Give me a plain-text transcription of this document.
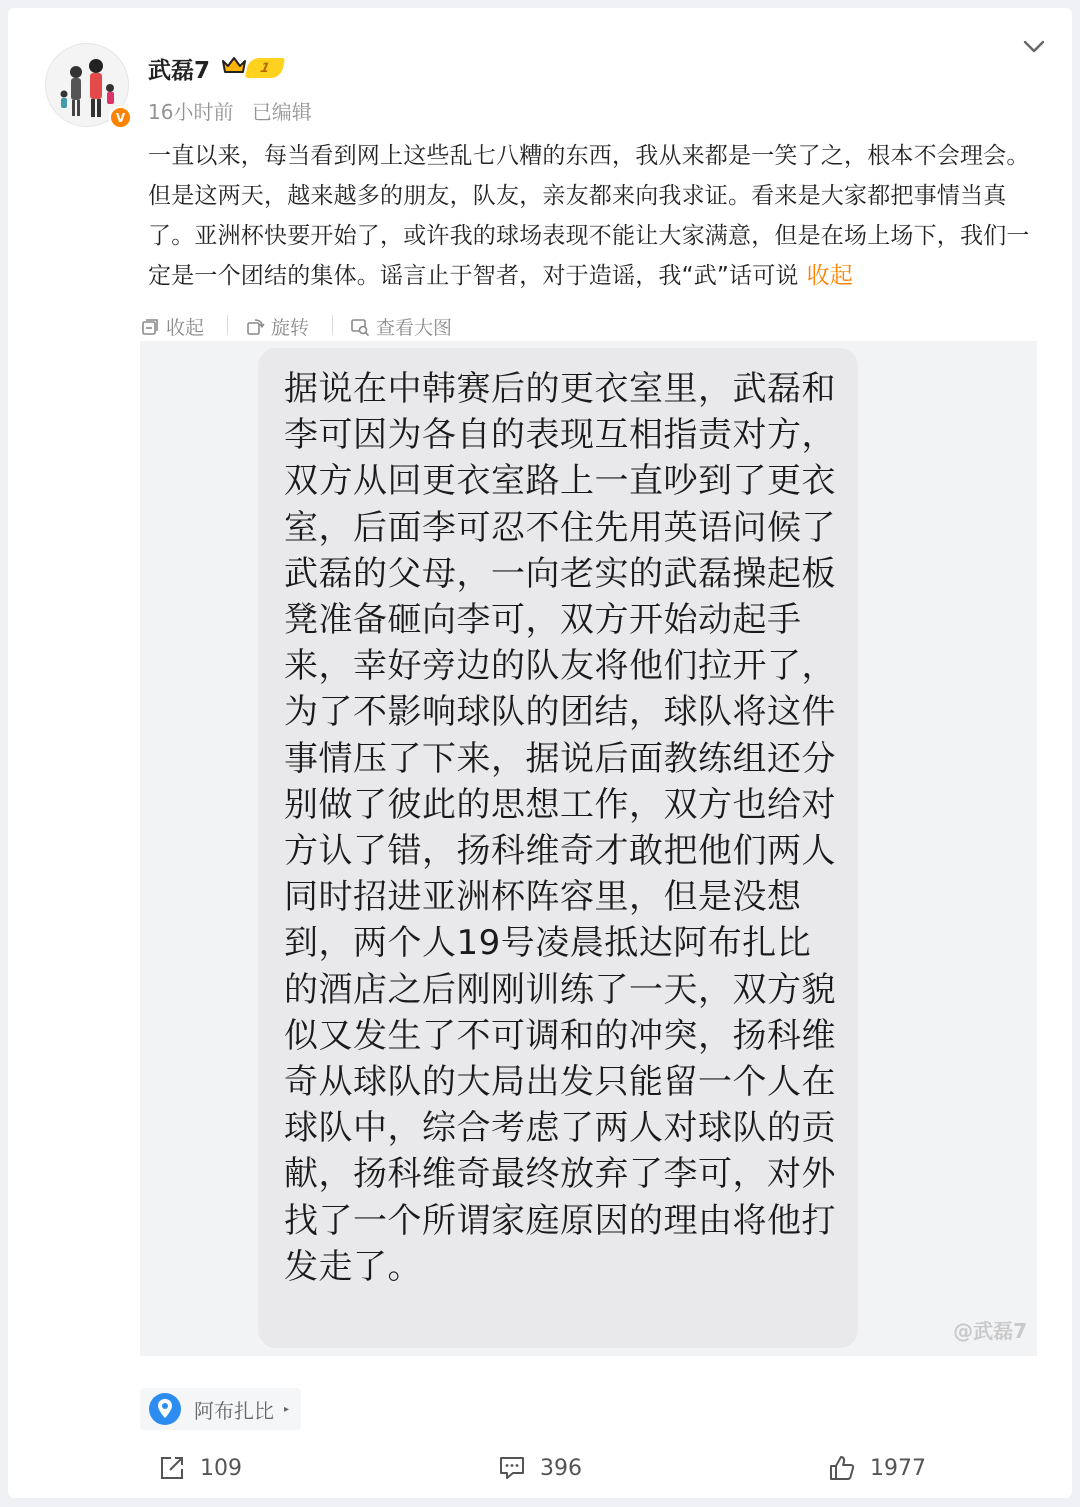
V
武磊7	1
16小时前 已编辑
一直以来，每当看到网上这些乱七八糟的东西，我从来都是一笑了之，根本不会理会。但是这两天，越来越多的朋友，队友，亲友都来向我求证。看来是大家都把事情当真了。亚洲杯快要开始了，或许我的球场表现不能让大家满意，但是在场上场下，我们一定是一个团结的集体。谣言止于智者，对于造谣，我“武”话可说 收起
收起	旋转	查看大图
据说在中韩赛后的更衣室里，武磊和李可因为各自的表现互相指责对方，双方从回更衣室路上一直吵到了更衣室，后面李可忍不住先用英语问候了武磊的父母，一向老实的武磊操起板凳准备砸向李可，双方开始动起手来，幸好旁边的队友将他们拉开了，为了不影响球队的团结，球队将这件事情压了下来，据说后面教练组还分别做了彼此的思想工作，双方也给对方认了错，扬科维奇才敢把他们两人同时招进亚洲杯阵容里，但是没想到，两个人19号凌晨抵达阿布扎比的酒店之后刚刚训练了一天，双方貌似又发生了不可调和的冲突，扬科维奇从球队的大局出发只能留一个人在球队中，综合考虑了两人对球队的贡献，扬科维奇最终放弃了李可，对外找了一个所谓家庭原因的理由将他打发走了。
@武磊7
阿布扎比 ▸
109	396	1977
